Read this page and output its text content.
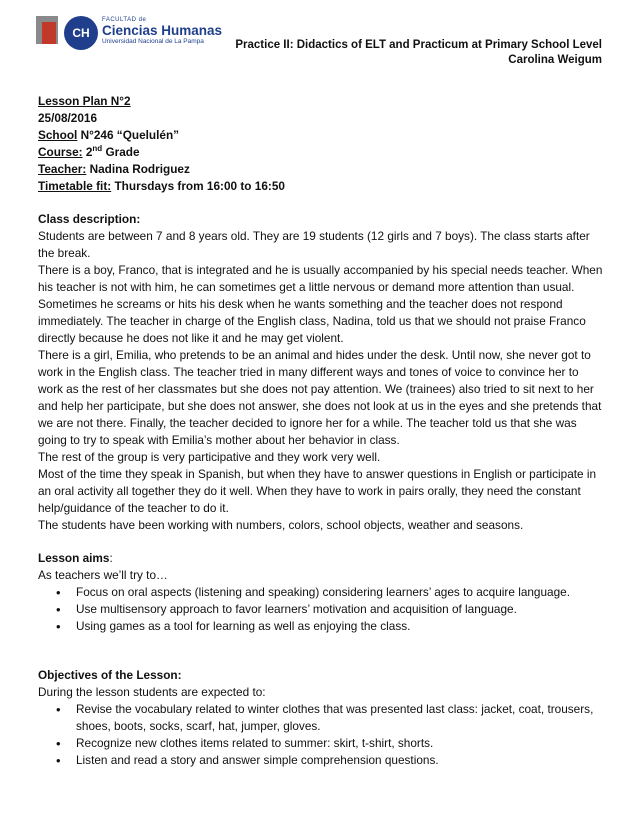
CH
FACULTAD de
Ciencias Humanas
Universidad Nacional de La Pampa	Practice II: Didactics of ELT and Practicum at Primary School Level
Carolina Weigum

Lesson Plan N°2

25/08/2016

School N°246 “Quelulén”

Course: 2nd Grade

Teacher: Nadina Rodriguez

Timetable fit: Thursdays from 16:00 to 16:50

Class description:

Students are between 7 and 8 years old. They are 19 students (12 girls and 7 boys). The class starts after the break.

There is a boy, Franco, that is integrated and he is usually accompanied by his special needs teacher. When his teacher is not with him, he can sometimes get a little nervous or demand more attention than usual. Sometimes he screams or hits his desk when he wants something and the teacher does not respond immediately. The teacher in charge of the English class, Nadina, told us that we should not praise Franco directly because he does not like it and he may get violent.

There is a girl, Emilia, who pretends to be an animal and hides under the desk. Until now, she never got to work in the English class. The teacher tried in many different ways and tones of voice to convince her to work as the rest of her classmates but she does not pay attention. We (trainees) also tried to sit next to her and help her participate, but she does not answer, she does not look at us in the eyes and she pretends that we are not there. Finally, the teacher decided to ignore her for a while. The teacher told us that she was going to try to speak with Emilia’s mother about her behavior in class.

The rest of the group is very participative and they work very well.

Most of the time they speak in Spanish, but when they have to answer questions in English or participate in an oral activity all together they do it well. When they have to work in pairs orally, they need the constant help/guidance of the teacher to do it.

The students have been working with numbers, colors, school objects, weather and seasons.

Lesson aims:

As teachers we’ll try to…

• Focus on oral aspects (listening and speaking) considering learners’ ages to acquire language.
• Use multisensory approach to favor learners’ motivation and acquisition of language.
• Using games as a tool for learning as well as enjoying the class.

Objectives of the Lesson:

During the lesson students are expected to:

• Revise the vocabulary related to winter clothes that was presented last class: jacket, coat, trousers, shoes, boots, socks, scarf, hat, jumper, gloves.
• Recognize new clothes items related to summer: skirt, t-shirt, shorts.
• Listen and read a story and answer simple comprehension questions.
